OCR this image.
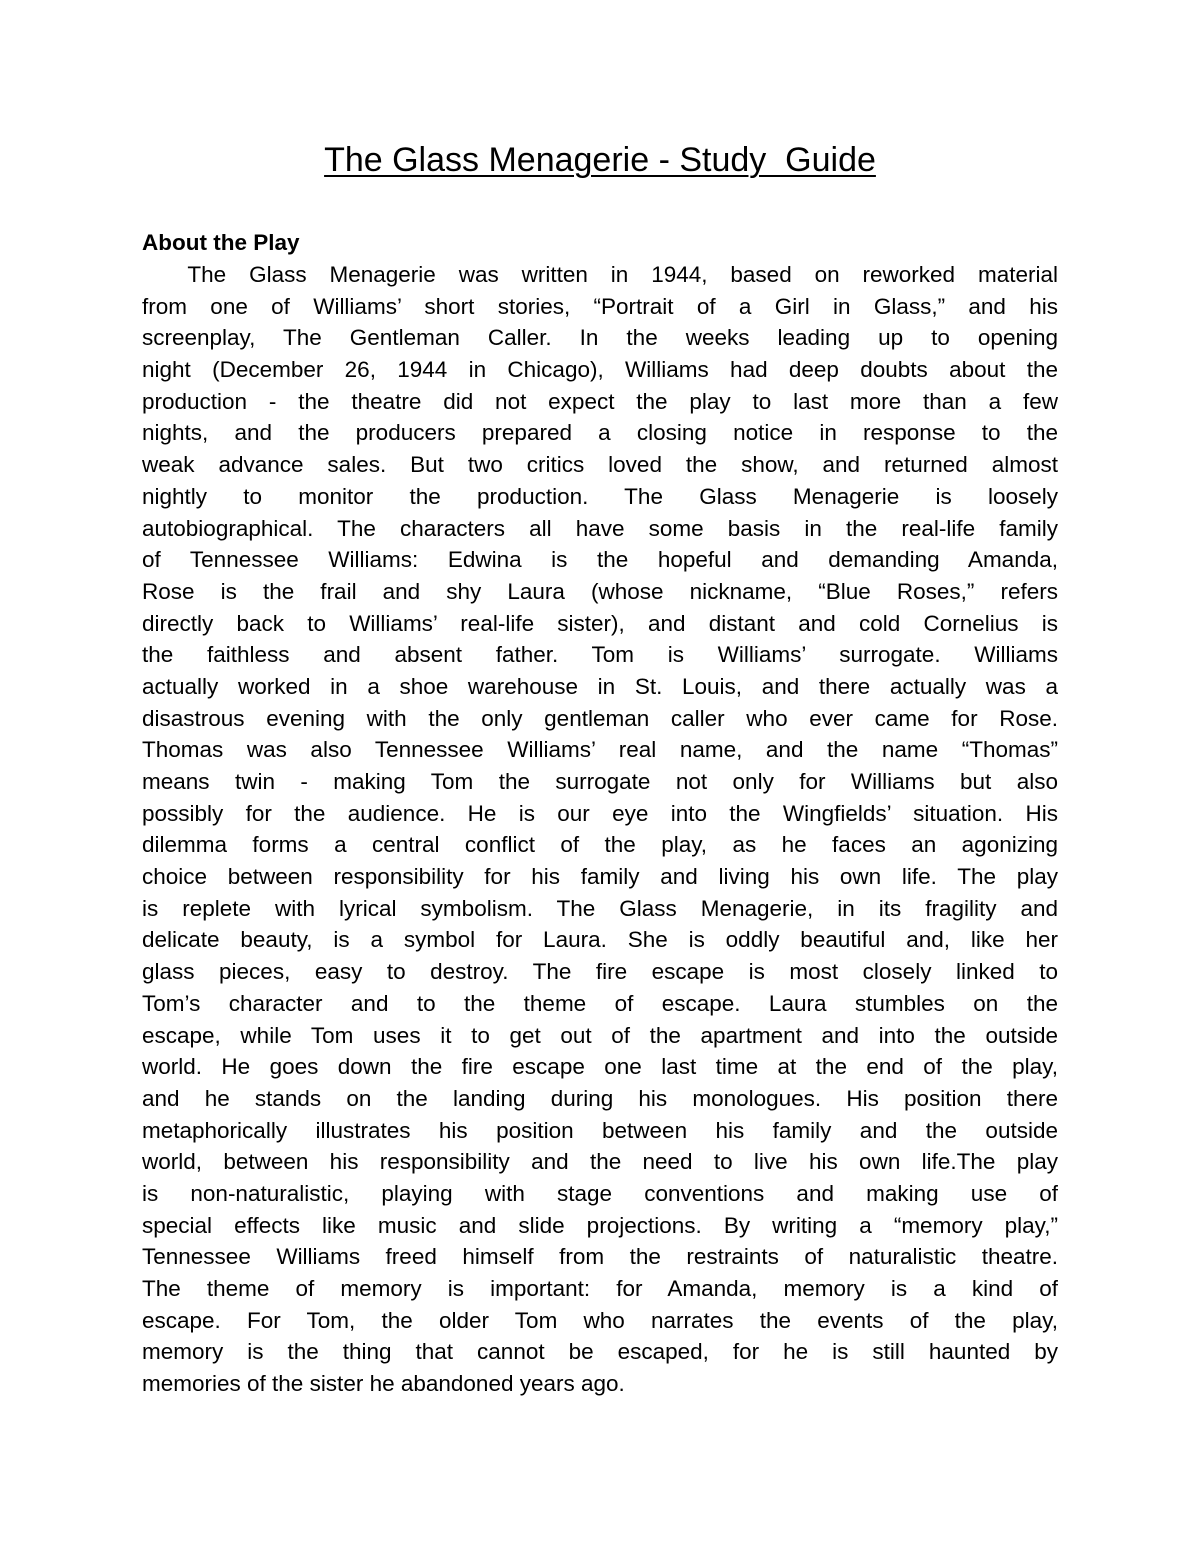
The Glass Menagerie - Study  Guide
About the Play
The Glass Menagerie was written in 1944, based on reworked material
from one of Williams’ short stories, “Portrait of a Girl in Glass,” and his
screenplay, The Gentleman Caller. In the weeks leading up to opening
night (December 26, 1944 in Chicago), Williams had deep doubts about the
production - the theatre did not expect the play to last more than a few
nights, and the producers prepared a closing notice in response to the
weak advance sales. But two critics loved the show, and returned almost
nightly to monitor the production. The Glass Menagerie is loosely
autobiographical. The characters all have some basis in the real-life family
of Tennessee Williams: Edwina is the hopeful and demanding Amanda,
Rose is the frail and shy Laura (whose nickname, “Blue Roses,” refers
directly back to Williams’ real-life sister), and distant and cold Cornelius is
the faithless and absent father. Tom is Williams’ surrogate. Williams
actually worked in a shoe warehouse in St. Louis, and there actually was a
disastrous evening with the only gentleman caller who ever came for Rose.
Thomas was also Tennessee Williams’ real name, and the name “Thomas”
means twin - making Tom the surrogate not only for Williams but also
possibly for the audience. He is our eye into the Wingfields’ situation. His
dilemma forms a central conflict of the play, as he faces an agonizing
choice between responsibility for his family and living his own life. The play
is replete with lyrical symbolism. The Glass Menagerie, in its fragility and
delicate beauty, is a symbol for Laura. She is oddly beautiful and, like her
glass pieces, easy to destroy. The fire escape is most closely linked to
Tom’s character and to the theme of escape. Laura stumbles on the
escape, while Tom uses it to get out of the apartment and into the outside
world. He goes down the fire escape one last time at the end of the play,
and he stands on the landing during his monologues. His position there
metaphorically illustrates his position between his family and the outside
world, between his responsibility and the need to live his own life.The play
is non-naturalistic, playing with stage conventions and making use of
special effects like music and slide projections. By writing a “memory play,”
Tennessee Williams freed himself from the restraints of naturalistic theatre.
The theme of memory is important: for Amanda, memory is a kind of
escape. For Tom, the older Tom who narrates the events of the play,
memory is the thing that cannot be escaped, for he is still haunted by
memories of the sister he abandoned years ago.
